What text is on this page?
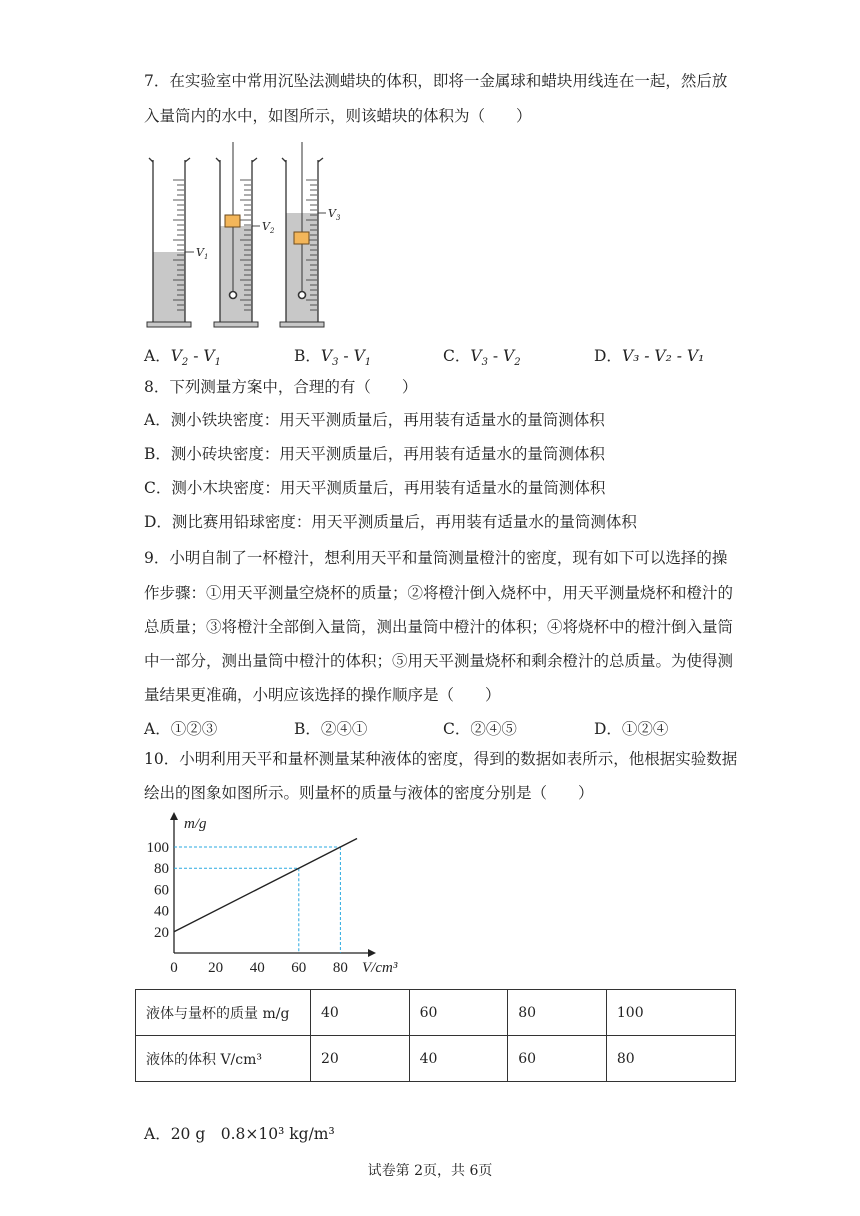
7．在实验室中常用沉坠法测蜡块的体积，即将一金属球和蜡块用线连在一起，然后放
入量筒内的水中，如图所示，则该蜡块的体积为（　　）
$V_1$
$V_2$
$V_3$
A．$V_2 - V_1$	B．$V_3 - V_1$	C．$V_3 - V_2$	D．V₃ - V₂ - V₁
8．下列测量方案中，合理的有（　　）
A．测小铁块密度：用天平测质量后，再用装有适量水的量筒测体积
B．测小砖块密度：用天平测质量后，再用装有适量水的量筒测体积
C．测小木块密度：用天平测质量后，再用装有适量水的量筒测体积
D．测比赛用铅球密度：用天平测质量后，再用装有适量水的量筒测体积
9．小明自制了一杯橙汁，想利用天平和量筒测量橙汁的密度，现有如下可以选择的操
作步骤：①用天平测量空烧杯的质量；②将橙汁倒入烧杯中，用天平测量烧杯和橙汁的
总质量；③将橙汁全部倒入量筒，测出量筒中橙汁的体积；④将烧杯中的橙汁倒入量筒
中一部分，测出量筒中橙汁的体积；⑤用天平测量烧杯和剩余橙汁的总质量。为使得测
量结果更准确，小明应该选择的操作顺序是（　　）
A．①②③	B．②④①	C．②④⑤	D．①②④
10．小明利用天平和量杯测量某种液体的密度，得到的数据如表所示，他根据实验数据
绘出的图象如图所示。则量杯的质量与液体的密度分别是（　　）
m/g
V/cm³
20
40
60
80
100
0 20 40 60 80
液体与量杯的质量 m/g	40	60	80	100
液体的体积 V/cm³	20	40	60	80
A．20 g　0.8×10³ kg/m³
试卷第 2页，共 6页
